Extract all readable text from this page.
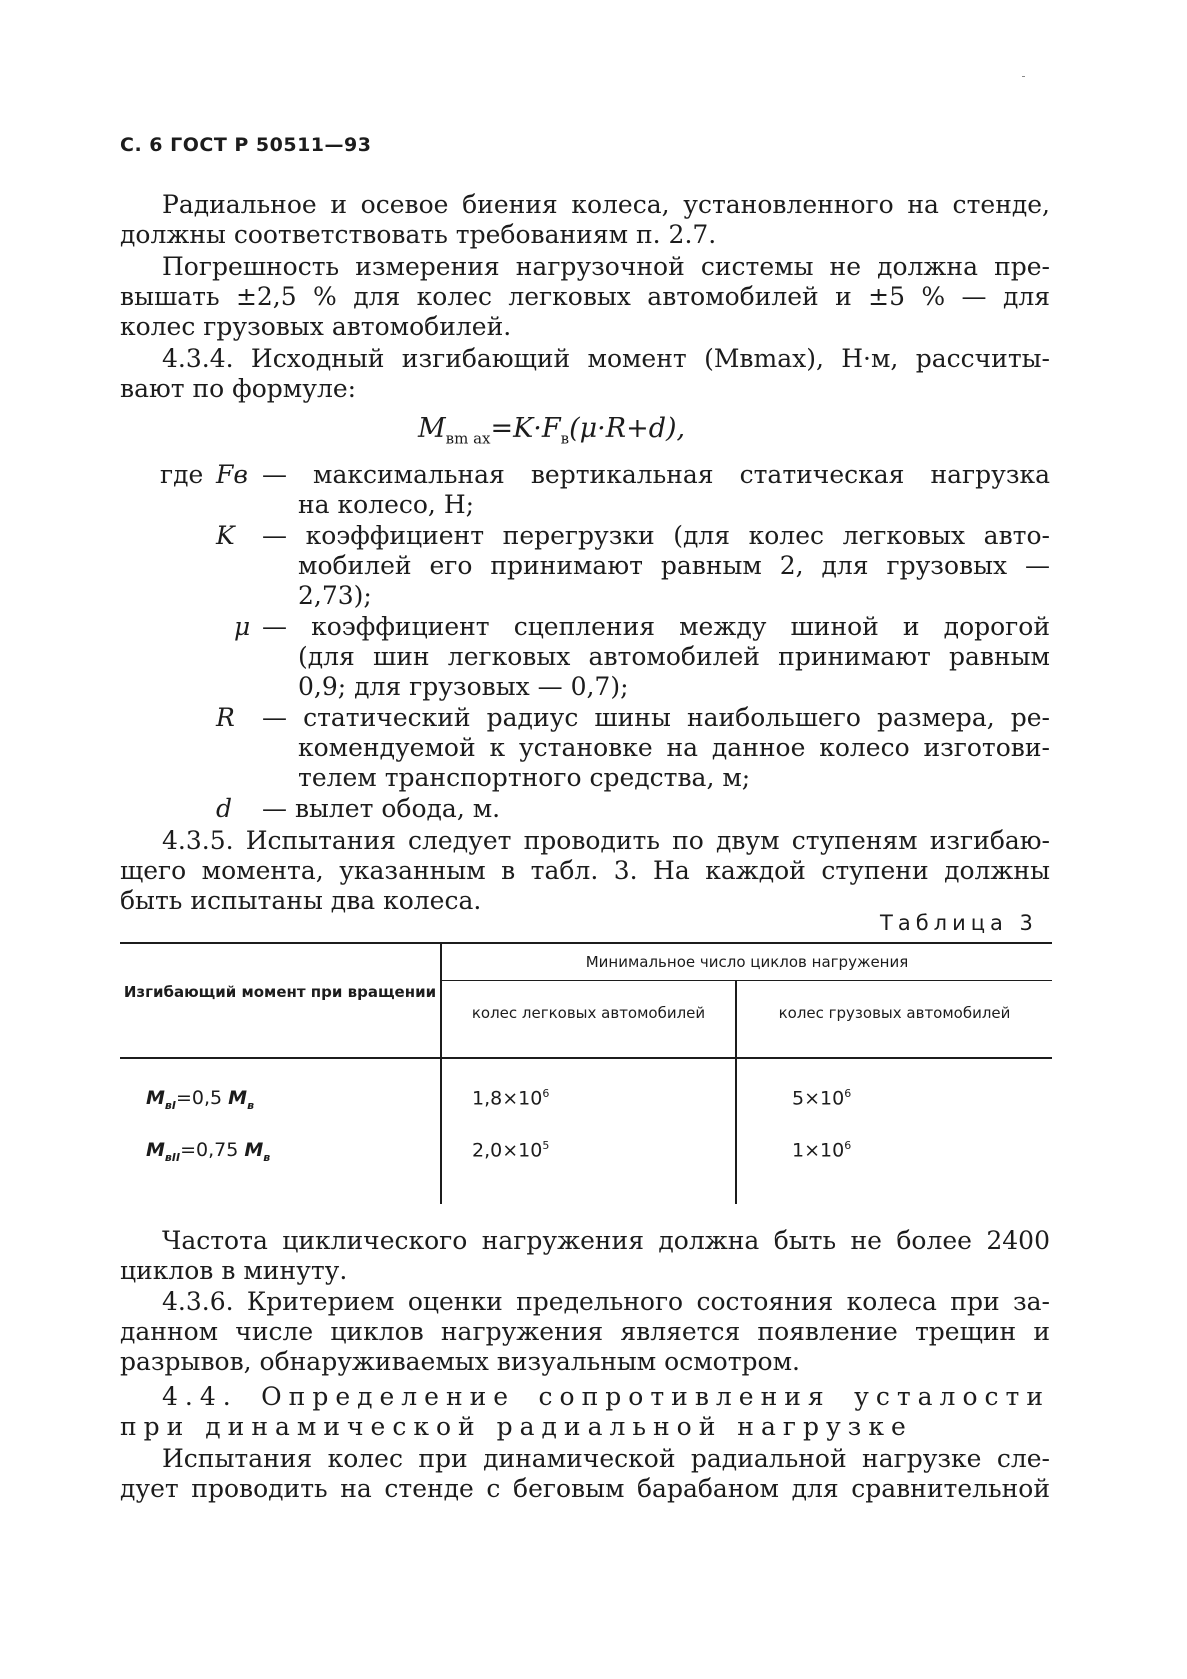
С. 6 ГОСТ Р 50511—93

Радиальное и осевое биения колеса, установленного на стенде,

должны соответствовать требованиям п. 2.7.

Погрешность измерения нагрузочной системы не должна пре-

вышать ±2,5 % для колес легковых автомобилей и ±5 % — для

колес грузовых автомобилей.

4.3.4. Исходный изгибающий момент (Mвmax), Н·м, рассчиты-

вают по формуле:

$M_{вm ax}=K\cdot F_в(\mu\cdot R+d)$,
где Fв — максимальная вертикальная статическая нагрузка

на колесо, Н;

K — коэффициент перегрузки (для колес легковых авто-

мобилей его принимают равным 2, для грузовых —

2,73);

μ — коэффициент сцепления между шиной и дорогой

(для шин легковых автомобилей принимают равным

0,9; для грузовых — 0,7);

R — статический радиус шины наибольшего размера, ре-

комендуемой к установке на данное колесо изготови-

телем транспортного средства, м;

d — вылет обода, м.

4.3.5. Испытания следует проводить по двум ступеням изгибаю-

щего момента, указанным в табл. 3. На каждой ступени должны

быть испытаны два колеса.

Таблица 3
Изгибающий момент при вращении
Минимальное число циклов нагружения
колес легковых автомобилей	колес грузовых автомобилей
$M_{вI}=0,5$ $M_в$	$1,8\times 10^6$	$5\times 10^6$
$M_{вII}=0,75$ $M_в$	$2,0\times 10^5$	$1\times 10^6$

Частота циклического нагружения должна быть не более 2400

циклов в минуту.

4.3.6. Критерием оценки предельного состояния колеса при за-

данном числе циклов нагружения является появление трещин и

разрывов, обнаруживаемых визуальным осмотром.

4.4. Определение сопротивления усталости

при динамической радиальной нагрузке

Испытания колес при динамической радиальной нагрузке сле-

дует проводить на стенде с беговым барабаном для сравнительной
